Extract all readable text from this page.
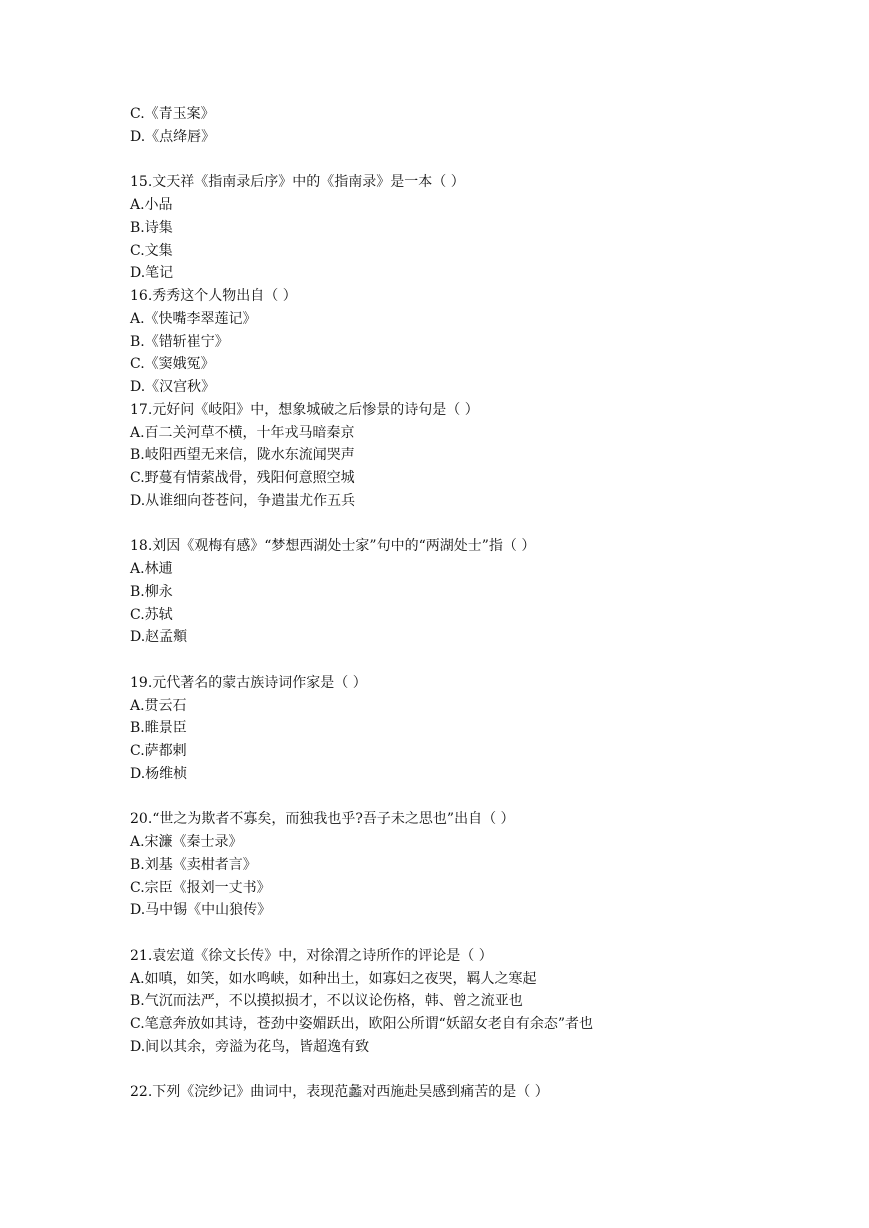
C.《青玉案》
D.《点绛唇》
15.文天祥《指南录后序》中的《指南录》是一本（ ）
A.小品
B.诗集
C.文集
D.笔记
16.秀秀这个人物出自（ ）
A.《快嘴李翠莲记》
B.《错斩崔宁》
C.《窦娥冤》
D.《汉宫秋》
17.元好问《岐阳》中，想象城破之后惨景的诗句是（ ）
A.百二关河草不横，十年戎马暗秦京
B.岐阳西望无来信，陇水东流闻哭声
C.野蔓有情萦战骨，残阳何意照空城
D.从谁细向苍苍问，争遣蚩尤作五兵
18.刘因《观梅有感》“梦想西湖处士家”句中的“两湖处士”指（ ）
A.林逋
B.柳永
C.苏轼
D.赵孟頫
19.元代著名的蒙古族诗词作家是（ ）
A.贯云石
B.睢景臣
C.萨都剌
D.杨维桢
20.“世之为欺者不寡矣，而独我也乎?吾子未之思也”出自（ ）
A.宋濂《秦士录》
B.刘基《卖柑者言》
C.宗臣《报刘一丈书》
D.马中锡《中山狼传》
21.袁宏道《徐文长传》中，对徐渭之诗所作的评论是（ ）
A.如嗔，如笑，如水鸣峡，如种出土，如寡妇之夜哭，羁人之寒起
B.气沉而法严，不以摸拟损才，不以议论伤格，韩、曾之流亚也
C.笔意奔放如其诗，苍劲中姿媚跃出，欧阳公所谓“妖韶女老自有余态”者也
D.间以其余，旁溢为花鸟，皆超逸有致
22.下列《浣纱记》曲词中，表现范蠡对西施赴吴感到痛苦的是（ ）
